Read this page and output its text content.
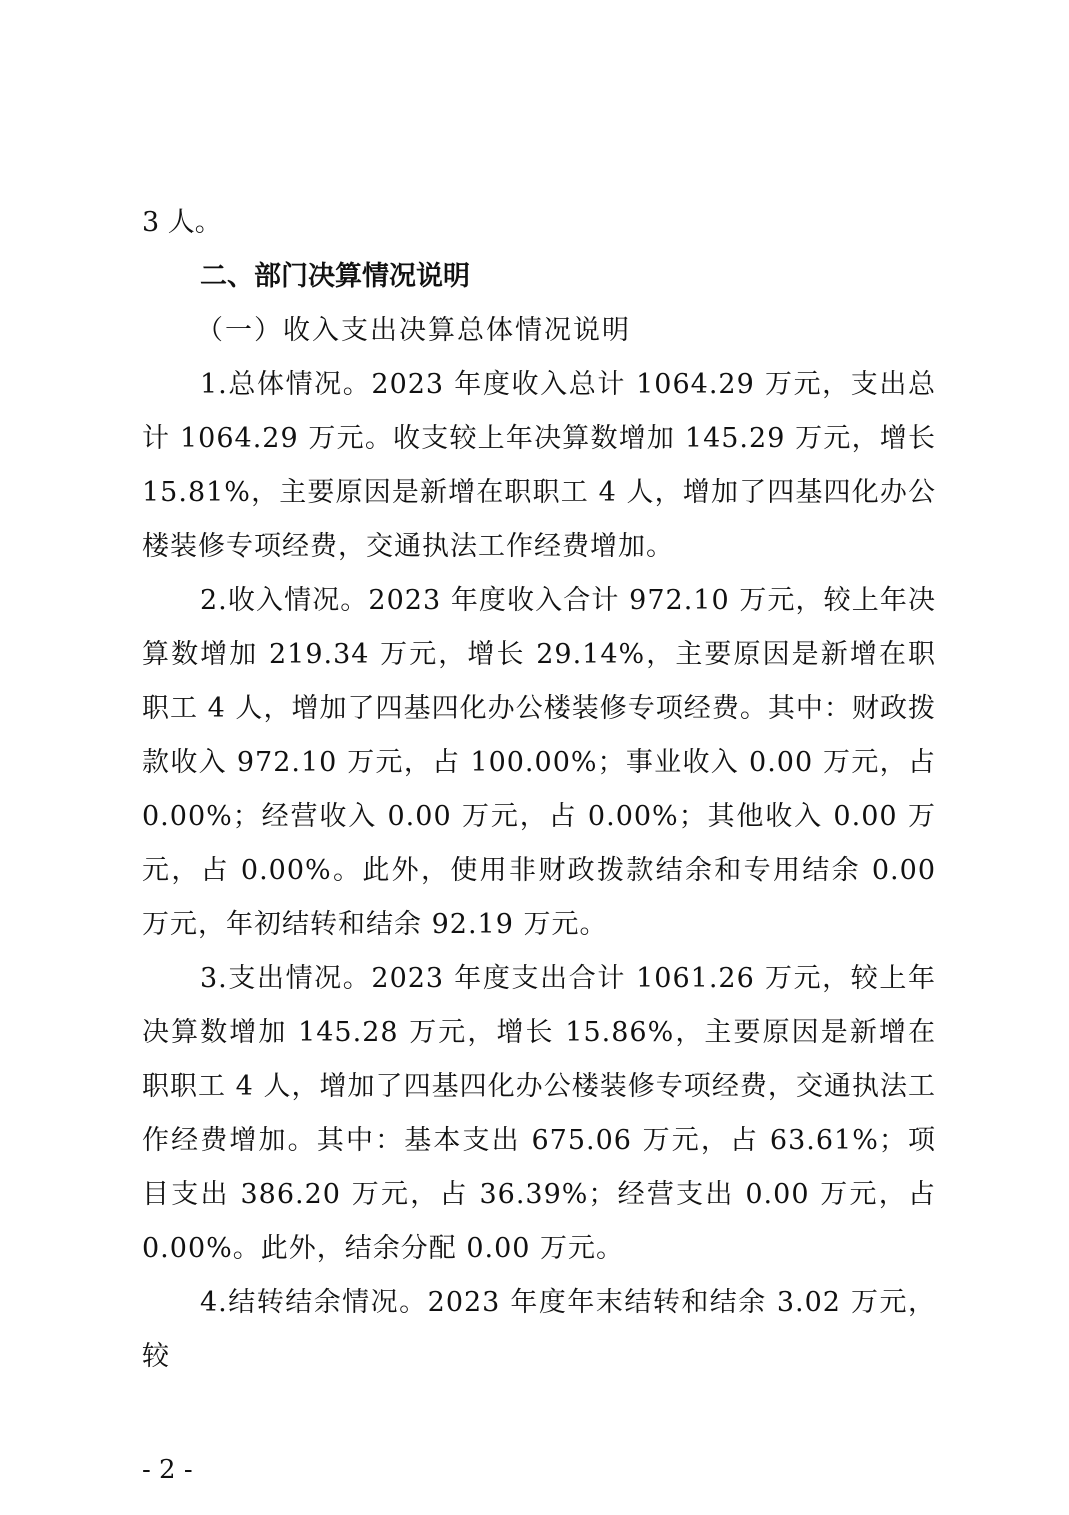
3 人。
二、部门决算情况说明
（一）收入支出决算总体情况说明

1.总体情况。2023 年度收入总计 1064.29 万元，支出总计 1064.29 万元。收支较上年决算数增加 145.29 万元，增长 15.81%，主要原因是新增在职职工 4 人，增加了四基四化办公楼装修专项经费，交通执法工作经费增加。

2.收入情况。2023 年度收入合计 972.10 万元，较上年决算数增加 219.34 万元，增长 29.14%，主要原因是新增在职职工 4 人，增加了四基四化办公楼装修专项经费。其中：财政拨款收入 972.10 万元，占 100.00%；事业收入 0.00 万元，占 0.00%；经营收入 0.00 万元，占 0.00%；其他收入 0.00 万元，占 0.00%。此外，使用非财政拨款结余和专用结余 0.00 万元，年初结转和结余 92.19 万元。

3.支出情况。2023 年度支出合计 1061.26 万元，较上年决算数增加 145.28 万元，增长 15.86%，主要原因是新增在职职工 4 人，增加了四基四化办公楼装修专项经费，交通执法工作经费增加。其中：基本支出 675.06 万元，占 63.61%；项目支出 386.20 万元，占 36.39%；经营支出 0.00 万元，占 0.00%。此外，结余分配 0.00 万元。

4.结转结余情况。2023 年度年末结转和结余 3.02 万元，较

- 2 -
